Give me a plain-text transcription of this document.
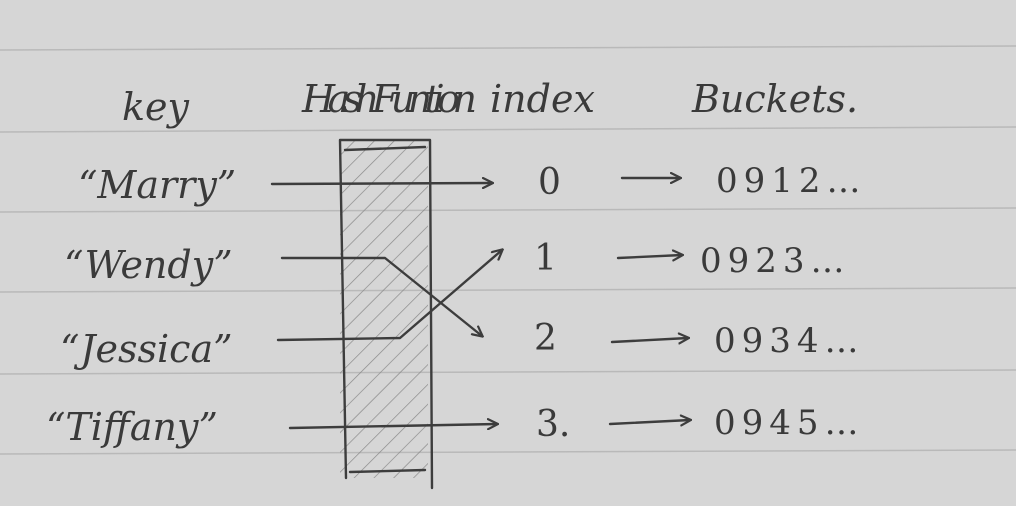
key	HashFuntion index	Buckets.
“Marry”
“Wendy”
“Jessica”
“Tiffany”
0
1
2
3.
0912…
0923…
0934…
0945…
